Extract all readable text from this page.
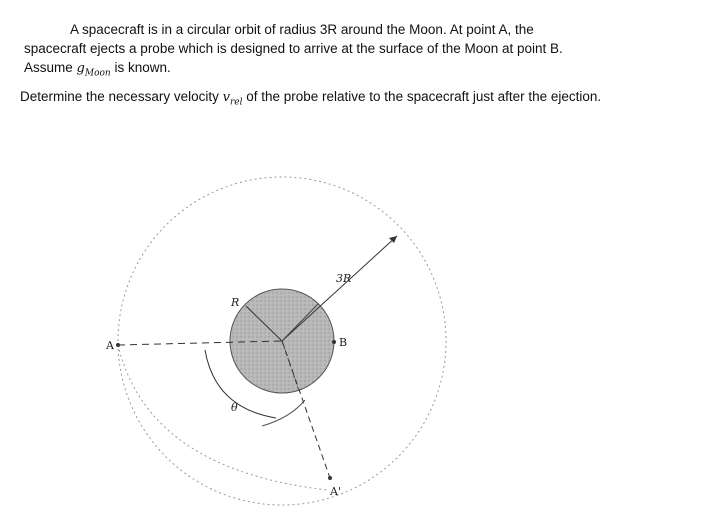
A spacecraft is in a circular orbit of radius 3R around the Moon. At point A, the
spacecraft ejects a probe which is designed to arrive at the surface of the Moon at point B.
Assume $g_{Moon}$ is known.
Determine the necessary velocity $v_{rel}$ of the probe relative to the spacecraft just after the ejection.
3R
R
A	B
A'
θ
